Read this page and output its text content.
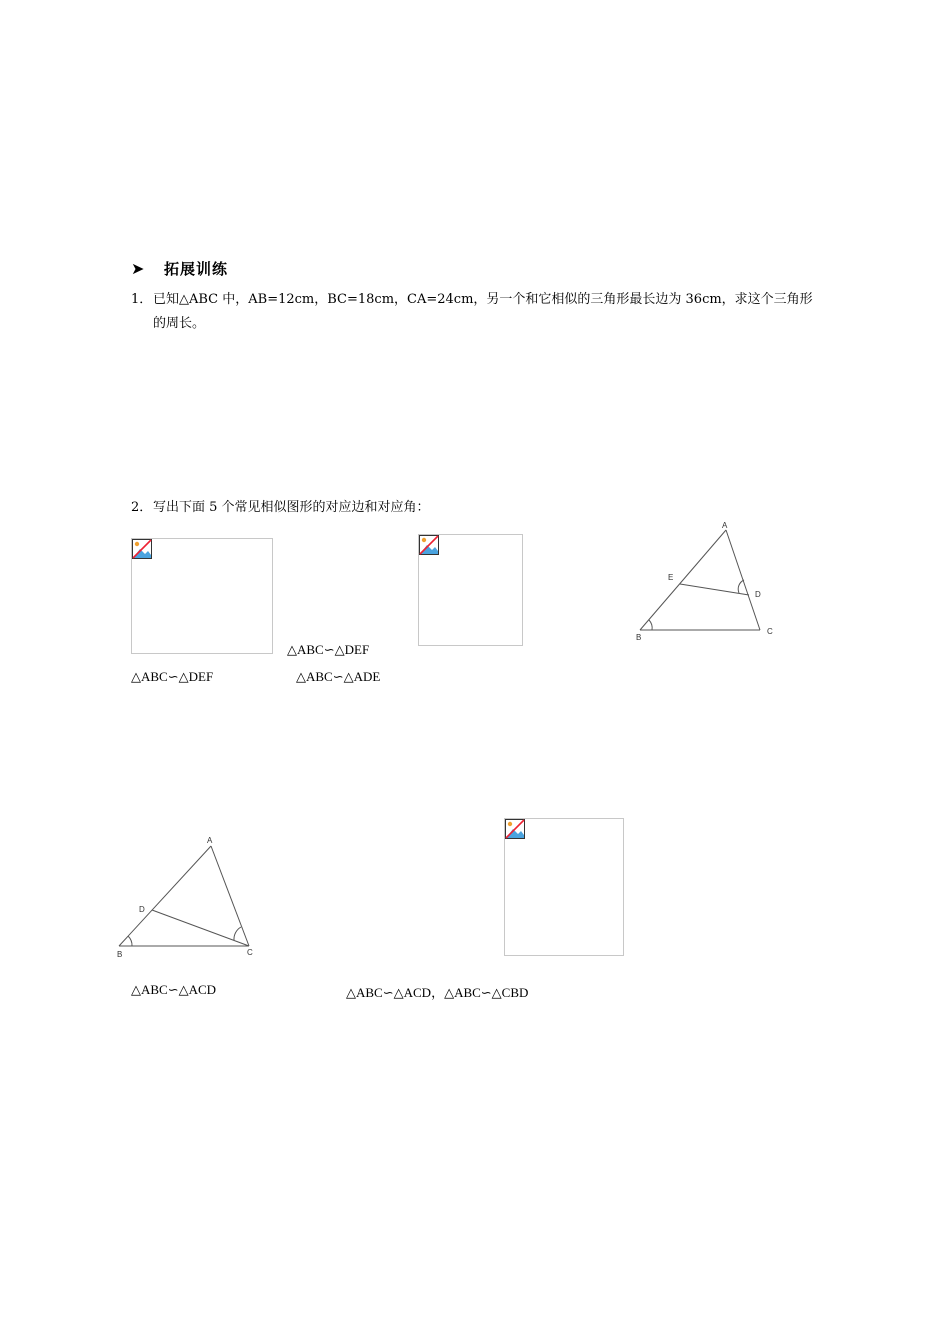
➤ 拓展训练
1． 已知△ABC 中，AB=12cm，BC=18cm，CA=24cm，另一个和它相似的三角形最长边为 36cm，求这个三角形
的周长。
2． 写出下面 5 个常见相似图形的对应边和对应角：
A
E
D
B
C
△ABC∽△DEF
△ABC∽△DEF	△ABC∽△ADE
A
D
B	C
△ABC∽△ACD	△ABC∽△ACD，△ABC∽△CBD
